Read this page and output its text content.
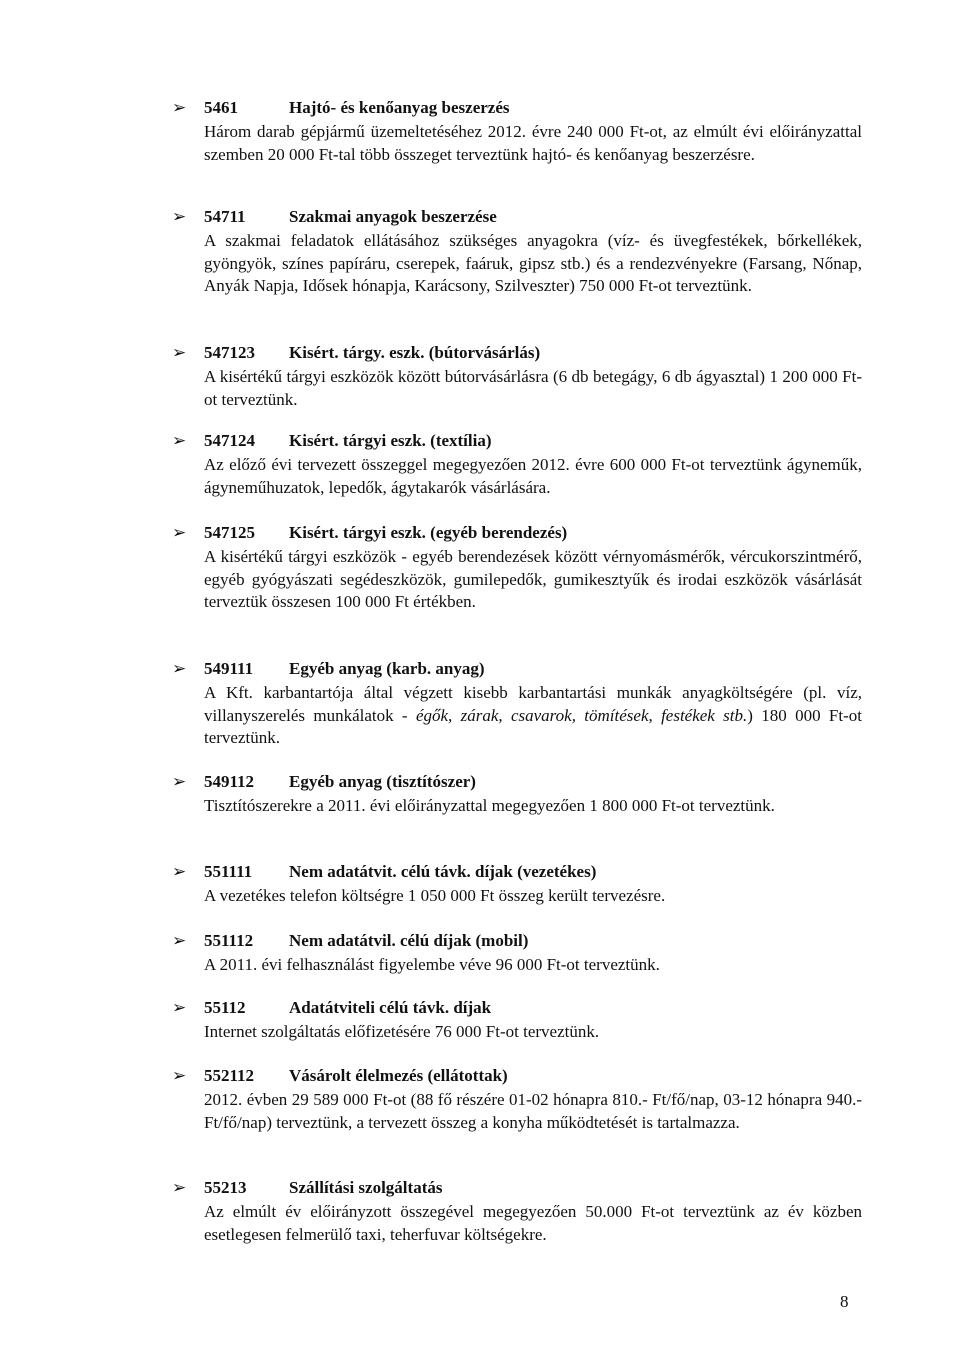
➢ 5461	Hajtó- és kenőanyag beszerzés
Három darab gépjármű üzemeltetéséhez 2012. évre 240 000 Ft-ot, az elmúlt évi előirányzattal szemben 20 000 Ft-tal több összeget terveztünk hajtó- és kenőanyag beszerzésre.
➢ 54711	Szakmai anyagok beszerzése
A szakmai feladatok ellátásához szükséges anyagokra (víz- és üvegfestékek, bőrkellékek, gyöngyök, színes papíráru, cserepek, faáruk, gipsz stb.) és a rendezvényekre (Farsang, Nőnap, Anyák Napja, Idősek hónapja, Karácsony, Szilveszter) 750 000 Ft-ot terveztünk.
➢ 547123 Kisért. tárgy. eszk. (bútorvásárlás)
A kisértékű tárgyi eszközök között bútorvásárlásra (6 db betegágy, 6 db ágyasztal) 1 200 000 Ft-ot terveztünk.
➢ 547124 Kisért. tárgyi eszk. (textília)
Az előző évi tervezett összeggel megegyezően 2012. évre 600 000 Ft-ot terveztünk ágyneműk, ágyneműhuzatok, lepedők, ágytakarók vásárlására.
➢ 547125 Kisért. tárgyi eszk. (egyéb berendezés)
A kisértékű tárgyi eszközök - egyéb berendezések között vérnyomásmérők, vércukorszintmérő, egyéb gyógyászati segédeszközök, gumilepedők, gumikesztyűk és irodai eszközök vásárlását terveztük összesen 100 000 Ft értékben.
➢ 549111 Egyéb anyag (karb. anyag)
A Kft. karbantartója által végzett kisebb karbantartási munkák anyagköltségére (pl. víz, villanyszerelés munkálatok - égők, zárak, csavarok, tömítések, festékek stb.) 180 000 Ft-ot terveztünk.
➢ 549112 Egyéb anyag (tisztítószer)
Tisztítószerekre a 2011. évi előirányzattal megegyezően 1 800 000 Ft-ot terveztünk.
➢ 551111 Nem adatátvit. célú távk. díjak (vezetékes)
A vezetékes telefon költségre 1 050 000 Ft összeg került tervezésre.
➢ 551112 Nem adatátvil. célú díjak (mobil)
A 2011. évi felhasználást figyelembe véve 96 000 Ft-ot terveztünk.
➢ 55112	Adatátviteli célú távk. díjak
Internet szolgáltatás előfizetésére 76 000 Ft-ot terveztünk.
➢ 552112 Vásárolt élelmezés (ellátottak)
2012. évben 29 589 000 Ft-ot (88 fő részére 01-02 hónapra 810.- Ft/fő/nap, 03-12 hónapra 940.- Ft/fő/nap) terveztünk, a tervezett összeg a konyha működtetését is tartalmazza.
➢ 55213	Szállítási szolgáltatás
Az elmúlt év előirányzott összegével megegyezően 50.000 Ft-ot terveztünk az év közben esetlegesen felmerülő taxi, teherfuvar költségekre.
8
